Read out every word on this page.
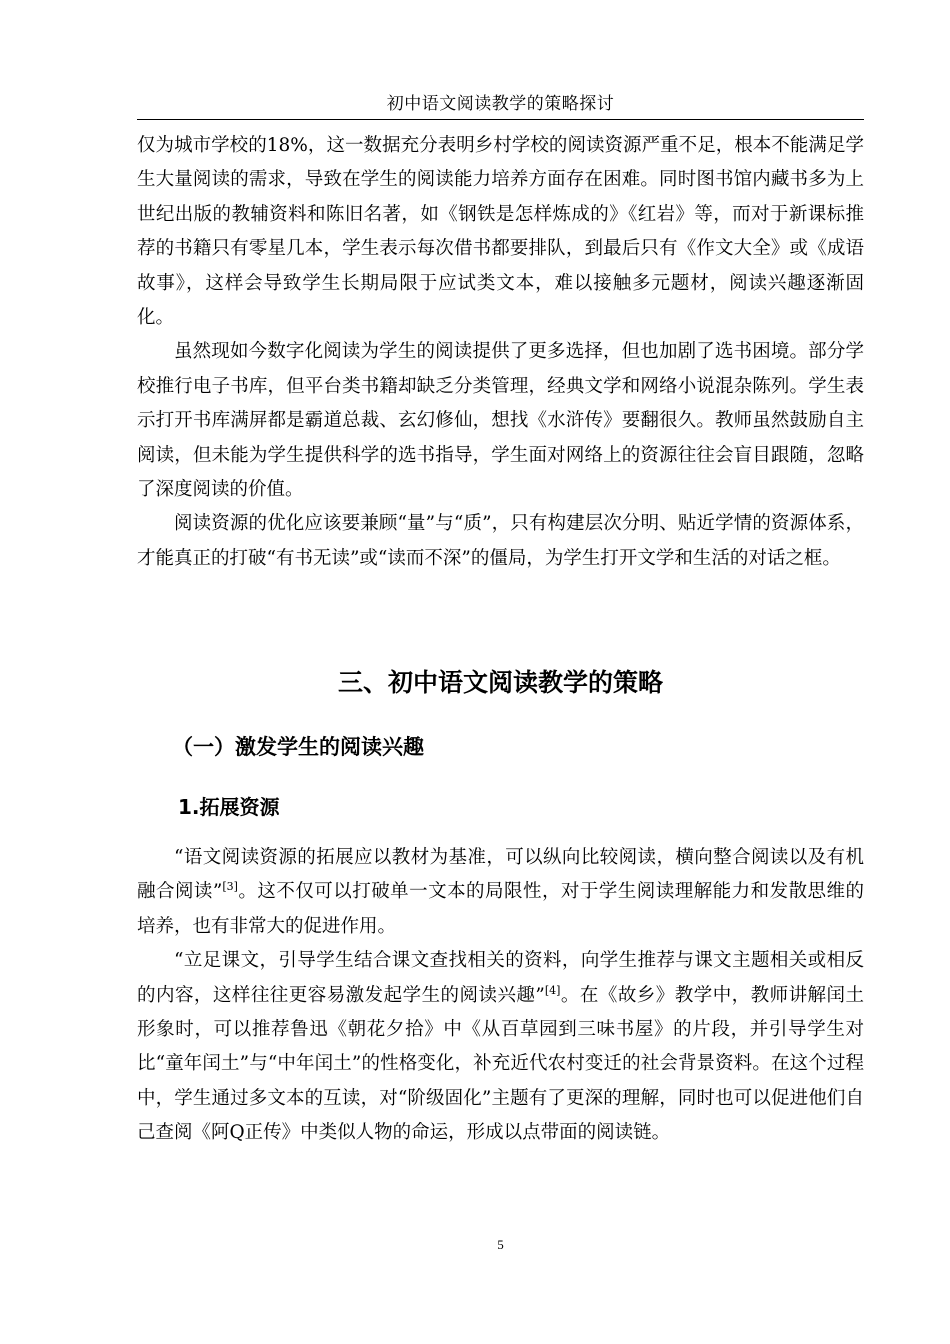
初中语文阅读教学的策略探讨

仅为城市学校的18%，这一数据充分表明乡村学校的阅读资源严重不足，根本不能满足学生大量阅读的需求，导致在学生的阅读能力培养方面存在困难。同时图书馆内藏书多为上世纪出版的教辅资料和陈旧名著，如《钢铁是怎样炼成的》《红岩》等，而对于新课标推荐的书籍只有零星几本，学生表示每次借书都要排队，到最后只有《作文大全》或《成语故事》，这样会导致学生长期局限于应试类文本，难以接触多元题材，阅读兴趣逐渐固化。

虽然现如今数字化阅读为学生的阅读提供了更多选择，但也加剧了选书困境。部分学校推行电子书库，但平台类书籍却缺乏分类管理，经典文学和网络小说混杂陈列。学生表示打开书库满屏都是霸道总裁、玄幻修仙，想找《水浒传》要翻很久。教师虽然鼓励自主阅读，但未能为学生提供科学的选书指导，学生面对网络上的资源往往会盲目跟随，忽略了深度阅读的价值。

阅读资源的优化应该要兼顾“量”与“质”，只有构建层次分明、贴近学情的资源体系，才能真正的打破“有书无读”或“读而不深”的僵局，为学生打开文学和生活的对话之框。

三、初中语文阅读教学的策略
（一）激发学生的阅读兴趣
1.拓展资源

“语文阅读资源的拓展应以教材为基准，可以纵向比较阅读，横向整合阅读以及有机融合阅读”[3]。这不仅可以打破单一文本的局限性，对于学生阅读理解能力和发散思维的培养，也有非常大的促进作用。

“立足课文，引导学生结合课文查找相关的资料，向学生推荐与课文主题相关或相反的内容，这样往往更容易激发起学生的阅读兴趣”[4]。在《故乡》教学中，教师讲解闰土形象时，可以推荐鲁迅《朝花夕拾》中《从百草园到三味书屋》的片段，并引导学生对比“童年闰土”与“中年闰土”的性格变化，补充近代农村变迁的社会背景资料。在这个过程中，学生通过多文本的互读，对“阶级固化”主题有了更深的理解，同时也可以促进他们自己查阅《阿Q正传》中类似人物的命运，形成以点带面的阅读链。

5
